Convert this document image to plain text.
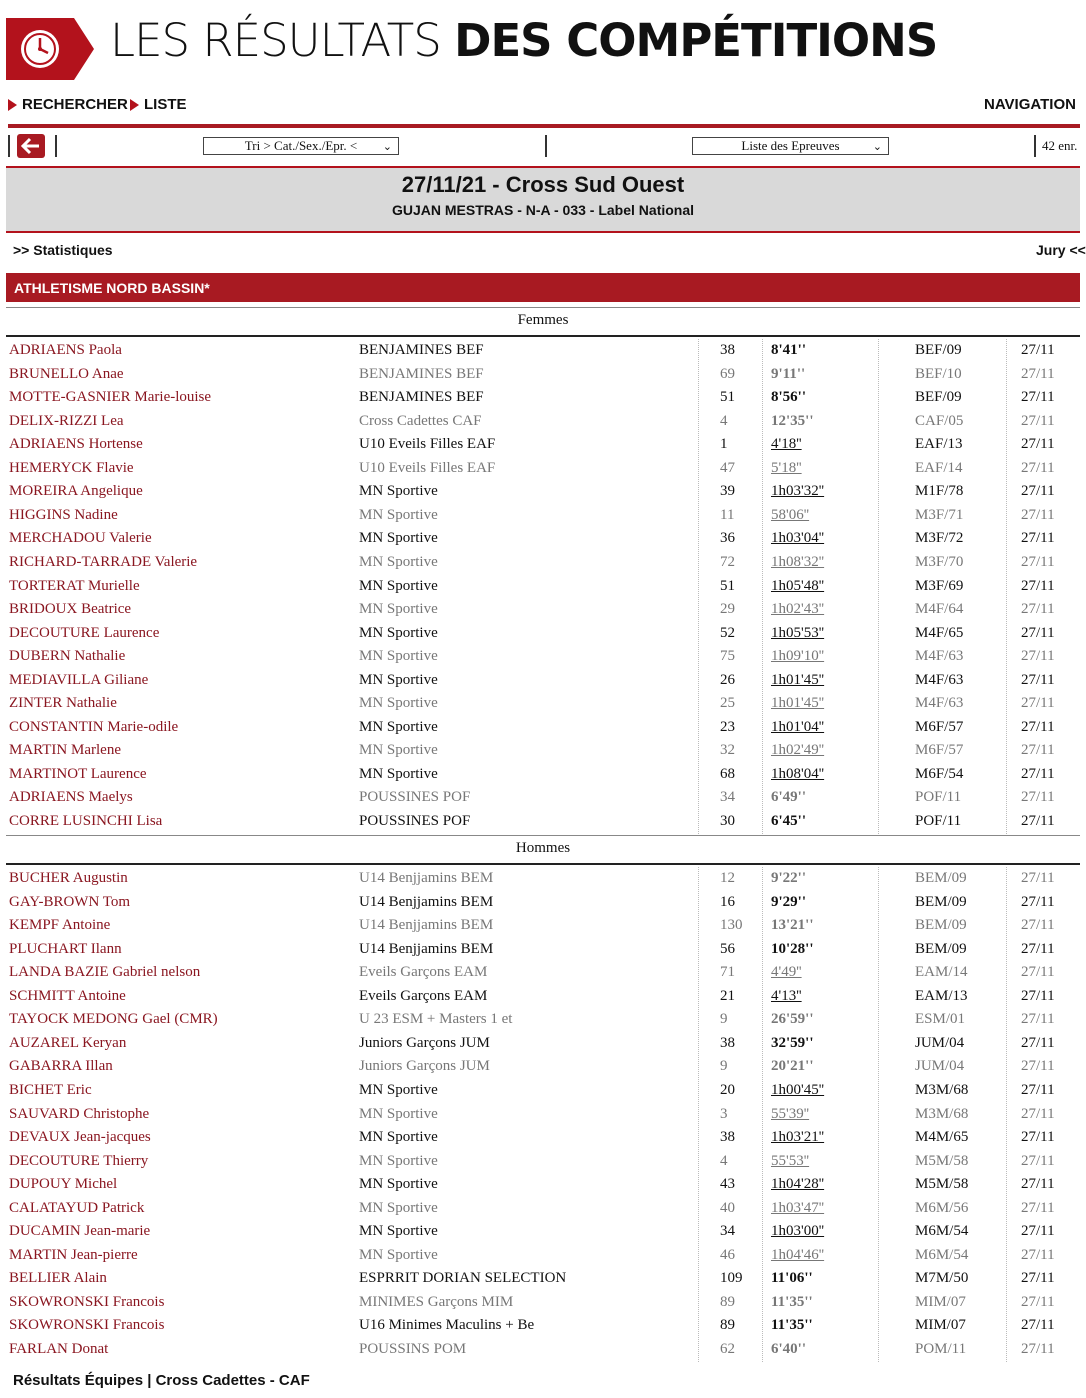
LES RÉSULTATS DES COMPÉTITIONS
RECHERCHER LISTE	NAVIGATION
Tri > Cat./Sex./Epr. < ⌄	Liste des Epreuves	⌄	42 enr.
27/11/21 - Cross Sud Ouest
GUJAN MESTRAS - N-A - 033 - Label National
>> Statistiques	Jury <<
ATHLETISME NORD BASSIN*
Femmes
ADRIAENS Paola	BENJAMINES BEF	38 8'41''	BEF/09	27/11
BRUNELLO Anae	BENJAMINES BEF	69 9'11''	BEF/10	27/11
MOTTE-GASNIER Marie-louise	BENJAMINES BEF	51 8'56''	BEF/09	27/11
DELIX-RIZZI Lea	Cross Cadettes CAF	4	12'35''	CAF/05	27/11
ADRIAENS Hortense	U10 Eveils Filles EAF	1	4'18''	EAF/13	27/11
HEMERYCK Flavie	U10 Eveils Filles EAF	47 5'18''	EAF/14	27/11
MOREIRA Angelique	MN Sportive	39 1h03'32''	M1F/78	27/11
HIGGINS Nadine	MN Sportive	11 58'06''	M3F/71	27/11
MERCHADOU Valerie	MN Sportive	36 1h03'04''	M3F/72	27/11
RICHARD-TARRADE Valerie	MN Sportive	72 1h08'32''	M3F/70	27/11
TORTERAT Murielle	MN Sportive	51 1h05'48''	M3F/69	27/11
BRIDOUX Beatrice	MN Sportive	29 1h02'43''	M4F/64	27/11
DECOUTURE Laurence	MN Sportive	52 1h05'53''	M4F/65	27/11
DUBERN Nathalie	MN Sportive	75 1h09'10''	M4F/63	27/11
MEDIAVILLA Giliane	MN Sportive	26 1h01'45''	M4F/63	27/11
ZINTER Nathalie	MN Sportive	25 1h01'45''	M4F/63	27/11
CONSTANTIN Marie-odile	MN Sportive	23 1h01'04''	M6F/57	27/11
MARTIN Marlene	MN Sportive	32 1h02'49''	M6F/57	27/11
MARTINOT Laurence	MN Sportive	68 1h08'04''	M6F/54	27/11
ADRIAENS Maelys	POUSSINES POF	34 6'49''	POF/11	27/11
CORRE LUSINCHI Lisa	POUSSINES POF	30 6'45''	POF/11	27/11
Hommes
BUCHER Augustin	U14 Benjjamins BEM	12 9'22''	BEM/09	27/11
GAY-BROWN Tom	U14 Benjjamins BEM	16 9'29''	BEM/09	27/11
KEMPF Antoine	U14 Benjjamins BEM	130 13'21''	BEM/09	27/11
PLUCHART Ilann	U14 Benjjamins BEM	56 10'28''	BEM/09	27/11
LANDA BAZIE Gabriel nelson	Eveils Garçons EAM	71 4'49''	EAM/14	27/11
SCHMITT Antoine	Eveils Garçons EAM	21 4'13''	EAM/13	27/11
TAYOCK MEDONG Gael (CMR)	U 23 ESM + Masters 1 et	9	26'59''	ESM/01	27/11
AUZAREL Keryan	Juniors Garçons JUM	38 32'59''	JUM/04	27/11
GABARRA Illan	Juniors Garçons JUM	9	20'21''	JUM/04	27/11
BICHET Eric	MN Sportive	20 1h00'45''	M3M/68	27/11
SAUVARD Christophe	MN Sportive	3	55'39''	M3M/68	27/11
DEVAUX Jean-jacques	MN Sportive	38 1h03'21''	M4M/65	27/11
DECOUTURE Thierry	MN Sportive	4	55'53''	M5M/58	27/11
DUPOUY Michel	MN Sportive	43 1h04'28''	M5M/58	27/11
CALATAYUD Patrick	MN Sportive	40 1h03'47''	M6M/56	27/11
DUCAMIN Jean-marie	MN Sportive	34 1h03'00''	M6M/54	27/11
MARTIN Jean-pierre	MN Sportive	46 1h04'46''	M6M/54	27/11
BELLIER Alain	ESPRRIT DORIAN SELECTION	109 11'06''	M7M/50	27/11
SKOWRONSKI Francois	MINIMES Garçons MIM	89 11'35''	MIM/07	27/11
SKOWRONSKI Francois	U16 Minimes Maculins + Be	89 11'35''	MIM/07	27/11
FARLAN Donat	POUSSINS POM	62 6'40''	POM/11	27/11
Résultats Équipes | Cross Cadettes - CAF
